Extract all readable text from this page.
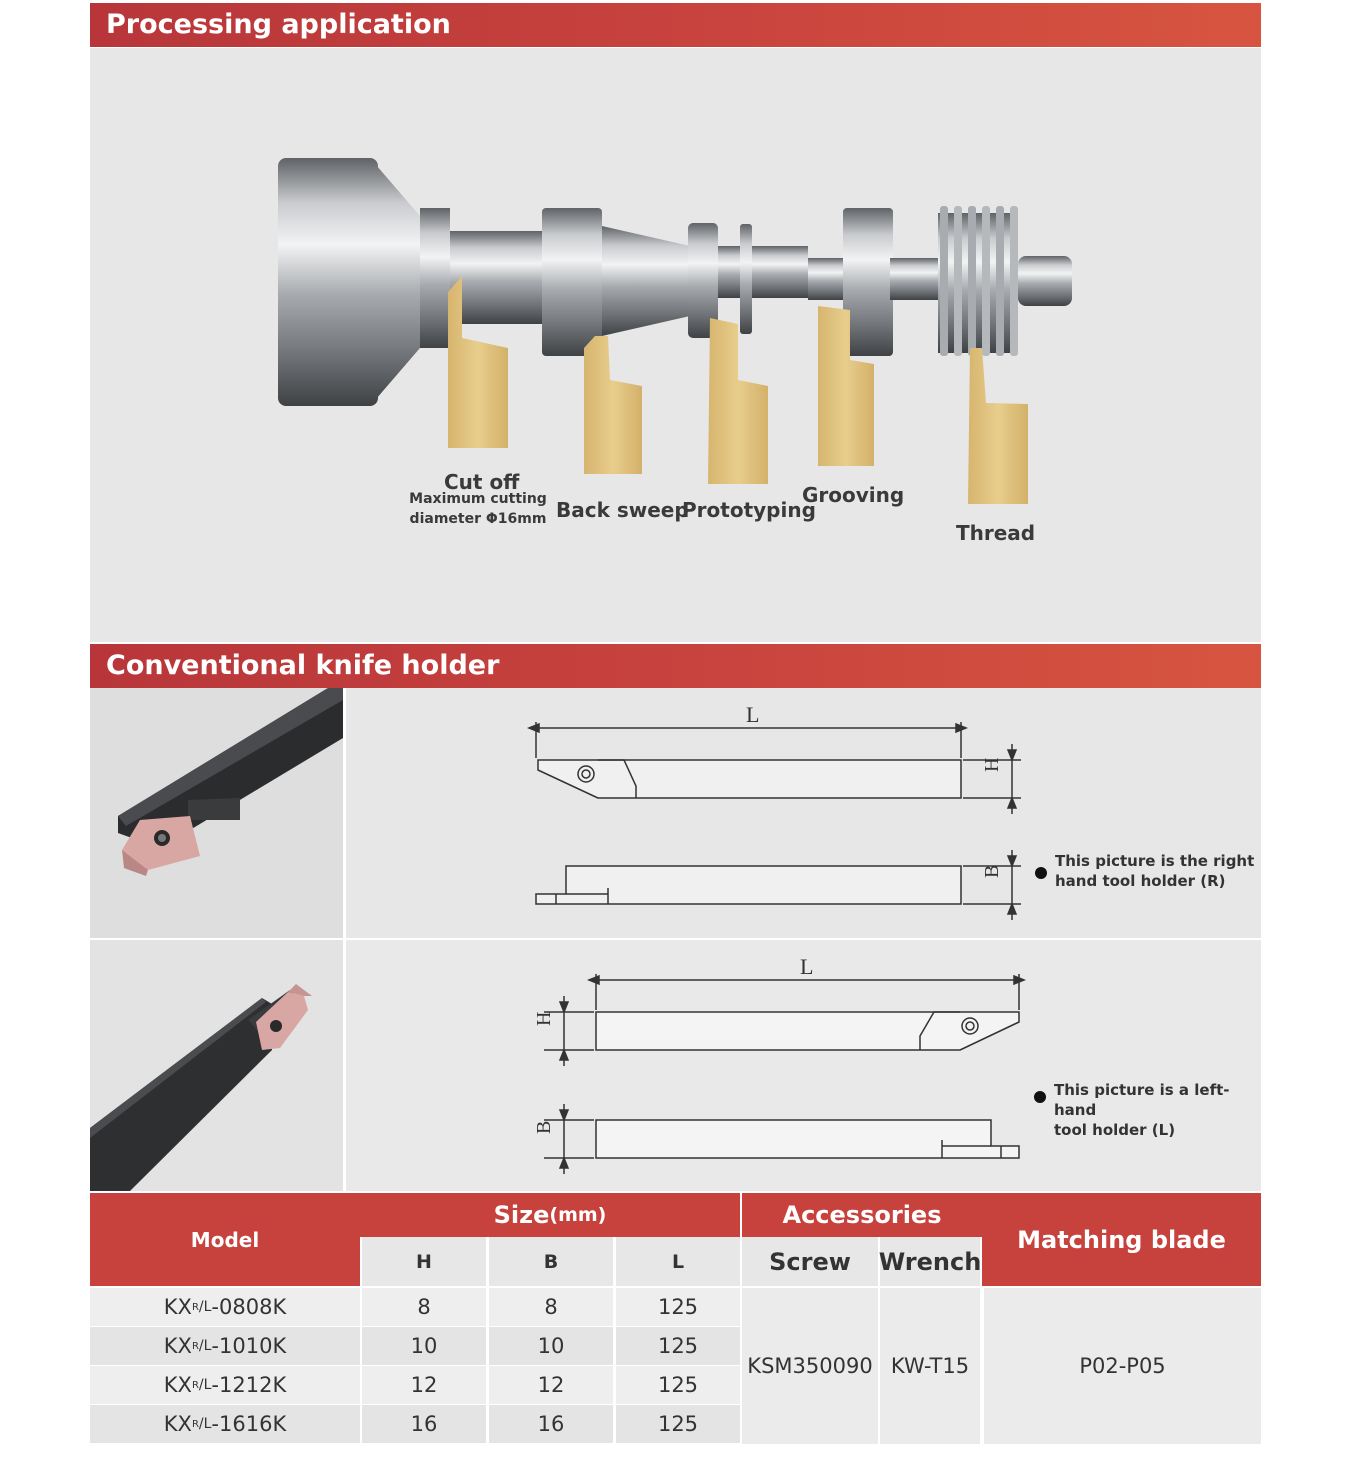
Processing application
Cut off
Maximum cutting
diameter Φ16mm Back sweep
Prototyping
Grooving
Thread
Conventional knife holder
L
H
B
This picture is the right
hand tool holder (R)
L
H
B
This picture is a left-hand
tool holder (L)
Model
Size (mm)	Accessories
Matching blade
H	B	L	Screw	Wrench
KX R /L -0808K	8	8	125
KX R /L -1010K	10	10	125
KX R /L -1212K	12	12	125
KX R /L -1616K	16	16	125
KSM350090 KW-T15	P02-P05
